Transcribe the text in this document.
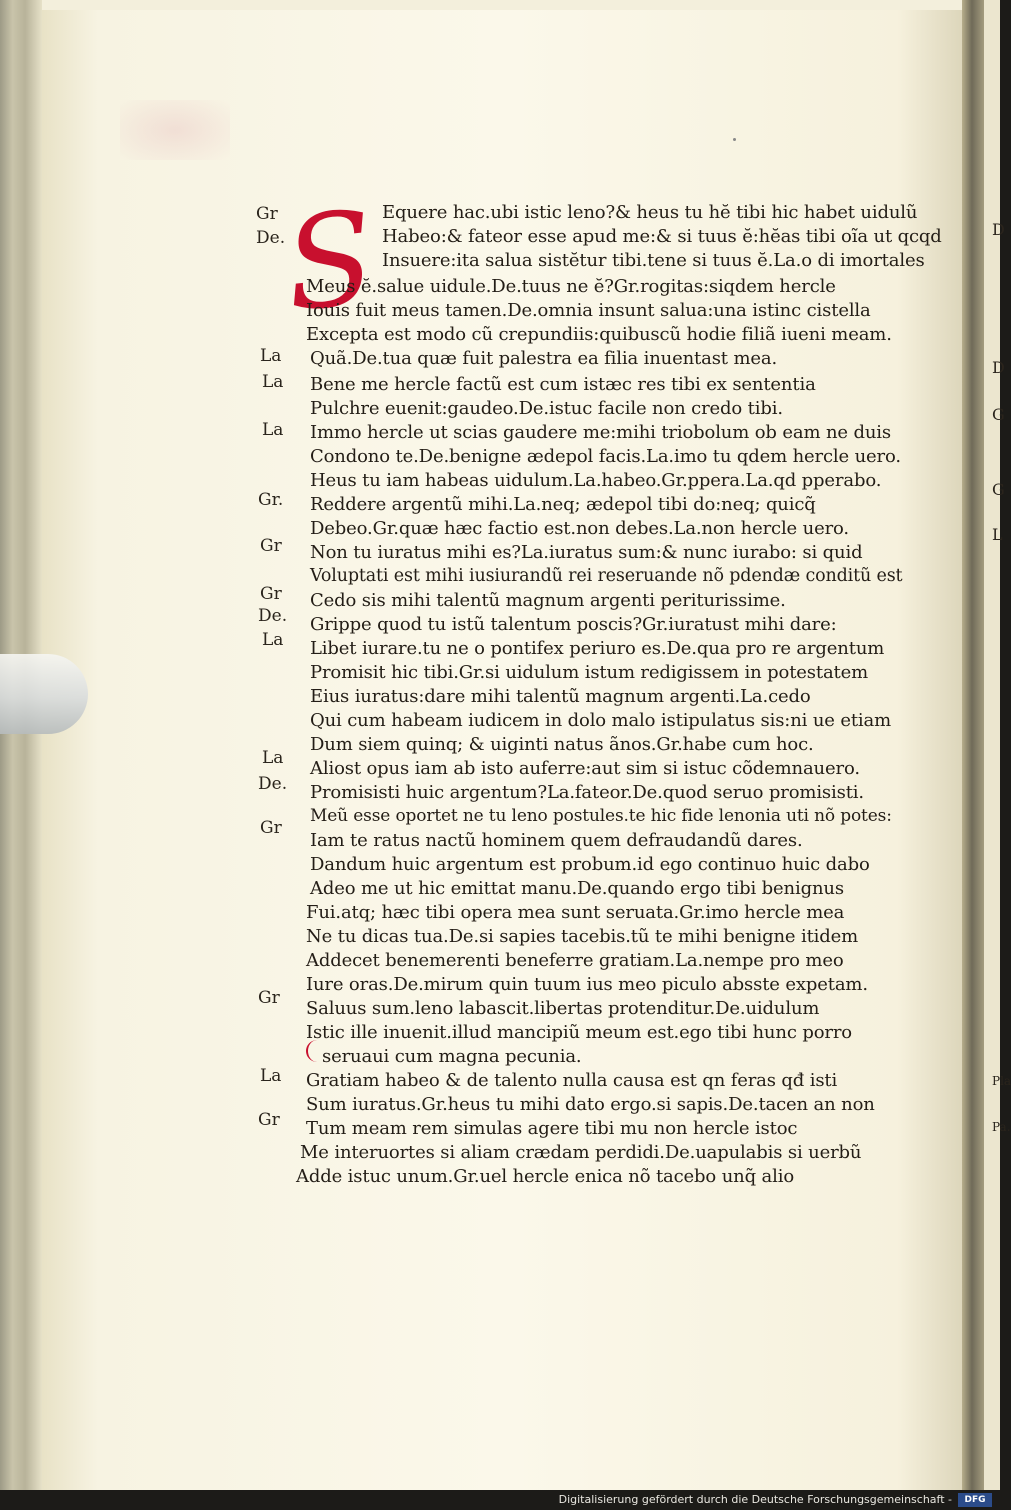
D
D
G
G
L
Pla
Pa.
S
Gr
De.
La
La
La
Gr.
Gr
Gr
De.
La
La
De.
Gr
Gr
La
Gr
Equere hac.ubi istic leno?& heus tu hĕ tibi hic habet uidulũ
Habeo:& fateor esse apud me:& si tuus ĕ:hĕas tibi oĩa ut qcqd
Insuere:ita salua sistĕtur tibi.tene si tuus ĕ.La.o di imortales
Meus ĕ.salue uidule.De.tuus ne ĕ?Gr.rogitas:siqdem hercle
Iouis fuit meus tamen.De.omnia insunt salua:una istinc cistella
Excepta est modo cũ crepundiis:quibuscũ hodie filiã iueni meam.
Quã.De.tua quæ fuit palestra ea filia inuentast mea.
Bene me hercle factũ est cum istæc res tibi ex sententia
Pulchre euenit:gaudeo.De.istuc facile non credo tibi.
Immo hercle ut scias gaudere me:mihi triobolum ob eam ne duis
Condono te.De.benigne ædepol facis.La.imo tu qdem hercle uero.
Heus tu iam habeas uidulum.La.habeo.Gr.ppera.La.qd pperabo.
Reddere argentũ mihi.La.neq; ædepol tibi do:neq; quicq̃
Debeo.Gr.quæ hæc factio est.non debes.La.non hercle uero.
Non tu iuratus mihi es?La.iuratus sum:& nunc iurabo: si quid
Voluptati est mihi iusiurandũ rei reseruande nõ pdendæ conditũ est
Cedo sis mihi talentũ magnum argenti periturissime.
Grippe quod tu istũ talentum poscis?Gr.iuratust mihi dare:
Libet iurare.tu ne o pontifex periuro es.De.qua pro re argentum
Promisit hic tibi.Gr.si uidulum istum redigissem in potestatem
Eius iuratus:dare mihi talentũ magnum argenti.La.cedo
Qui cum habeam iudicem in dolo malo istipulatus sis:ni ue etiam
Dum siem quinq; & uiginti natus ãnos.Gr.habe cum hoc.
Aliost opus iam ab isto auferre:aut sim si istuc cõdemnauero.
Promisisti huic argentum?La.fateor.De.quod seruo promisisti.
Meũ esse oportet ne tu leno postules.te hic fide lenonia uti nõ potes:
Iam te ratus nactũ hominem quem defraudandũ dares.
Dandum huic argentum est probum.id ego continuo huic dabo
Adeo me ut hic emittat manu.De.quando ergo tibi benignus
Fui.atq; hæc tibi opera mea sunt seruata.Gr.imo hercle mea
Ne tu dicas tua.De.si sapies tacebis.tũ te mihi benigne itidem
Addecet benemerenti beneferre gratiam.La.nempe pro meo
Iure oras.De.mirum quin tuum ius meo piculo absste expetam.
Saluus sum.leno labascit.libertas protenditur.De.uidulum
Istic ille inuenit.illud mancipiũ meum est.ego tibi hunc porro
seruaui cum magna pecunia.
Gratiam habeo & de talento nulla causa est qn feras qđ isti
Sum iuratus.Gr.heus tu mihi dato ergo.si sapis.De.tacen an non
Tum meam rem simulas agere tibi mu non hercle istoc
Me interuortes si aliam crædam perdidi.De.uapulabis si uerbũ
Adde istuc unum.Gr.uel hercle enica nõ tacebo unq̃ alio
Digitalisierung gefördert durch die Deutsche Forschungsgemeinschaft -	DFG
